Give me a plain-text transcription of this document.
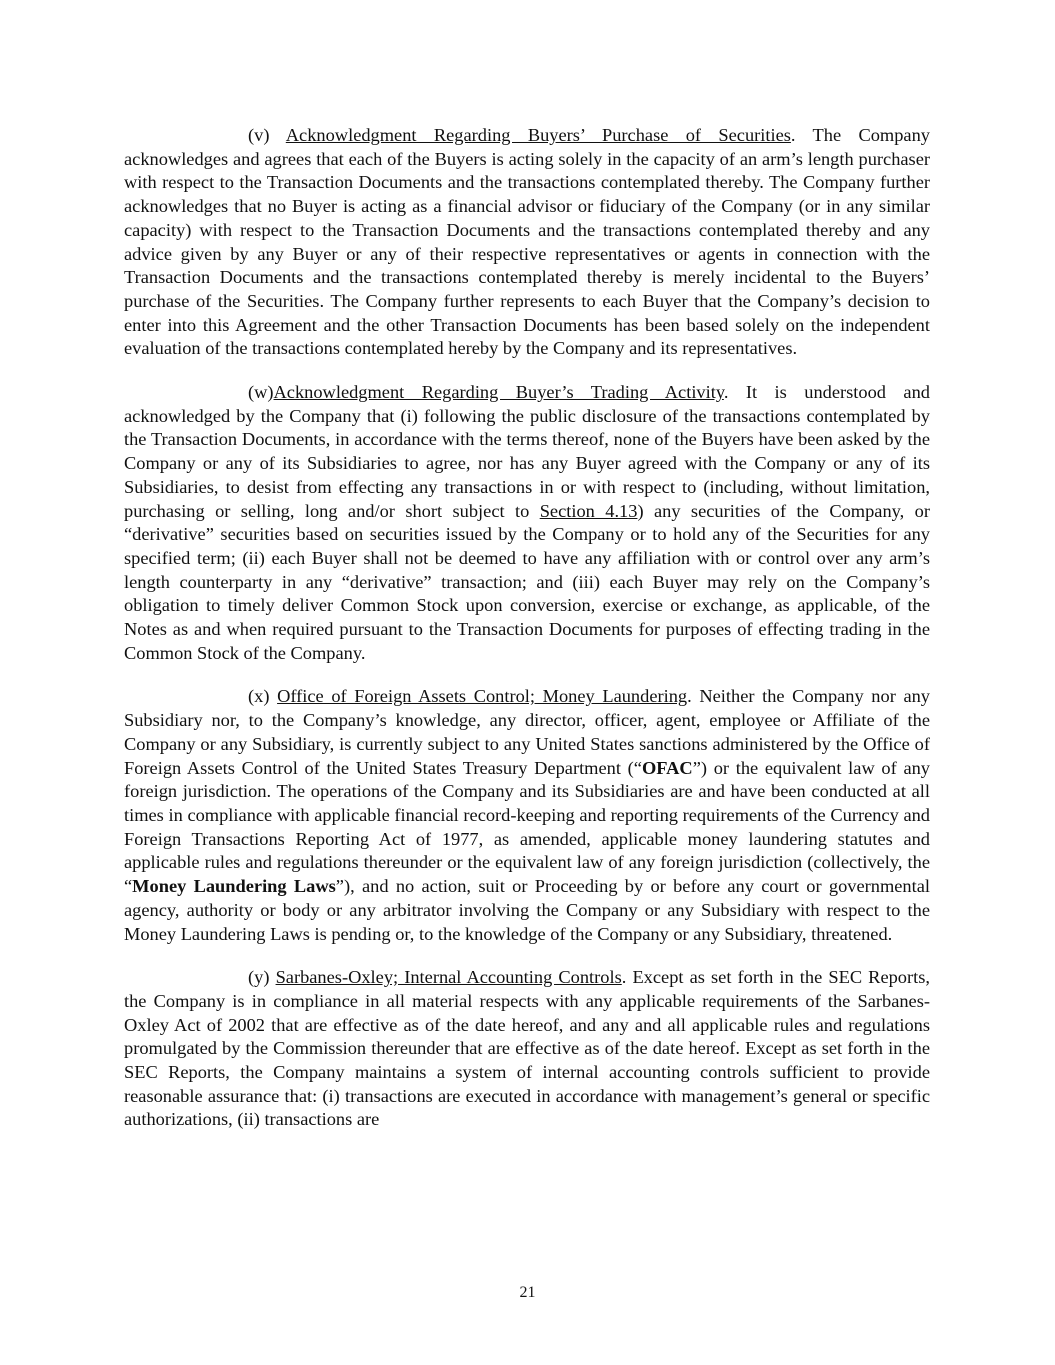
(v) Acknowledgment Regarding Buyers’ Purchase of Securities. The Company acknowledges and agrees that each of the Buyers is acting solely in the capacity of an arm’s length purchaser with respect to the Transaction Documents and the transactions contemplated thereby. The Company further acknowledges that no Buyer is acting as a financial advisor or fiduciary of the Company (or in any similar capacity) with respect to the Transaction Documents and the transactions contemplated thereby and any advice given by any Buyer or any of their respective representatives or agents in connection with the Transaction Documents and the transactions contemplated thereby is merely incidental to the Buyers’ purchase of the Securities. The Company further represents to each Buyer that the Company’s decision to enter into this Agreement and the other Transaction Documents has been based solely on the independent evaluation of the transactions contemplated hereby by the Company and its representatives.

(w)Acknowledgment Regarding Buyer’s Trading Activity. It is understood and acknowledged by the Company that (i) following the public disclosure of the transactions contemplated by the Transaction Documents, in accordance with the terms thereof, none of the Buyers have been asked by the Company or any of its Subsidiaries to agree, nor has any Buyer agreed with the Company or any of its Subsidiaries, to desist from effecting any transactions in or with respect to (including, without limitation, purchasing or selling, long and/or short subject to Section 4.13) any securities of the Company, or “derivative” securities based on securities issued by the Company or to hold any of the Securities for any specified term; (ii) each Buyer shall not be deemed to have any affiliation with or control over any arm’s length counterparty in any “derivative” transaction; and (iii) each Buyer may rely on the Company’s obligation to timely deliver Common Stock upon conversion, exercise or exchange, as applicable, of the Notes as and when required pursuant to the Transaction Documents for purposes of effecting trading in the Common Stock of the Company.

(x) Office of Foreign Assets Control; Money Laundering. Neither the Company nor any Subsidiary nor, to the Company’s knowledge, any director, officer, agent, employee or Affiliate of the Company or any Subsidiary, is currently subject to any United States sanctions administered by the Office of Foreign Assets Control of the United States Treasury Department (“OFAC”) or the equivalent law of any foreign jurisdiction. The operations of the Company and its Subsidiaries are and have been conducted at all times in compliance with applicable financial record-keeping and reporting requirements of the Currency and Foreign Transactions Reporting Act of 1977, as amended, applicable money laundering statutes and applicable rules and regulations thereunder or the equivalent law of any foreign jurisdiction (collectively, the “Money Laundering Laws”), and no action, suit or Proceeding by or before any court or governmental agency, authority or body or any arbitrator involving the Company or any Subsidiary with respect to the Money Laundering Laws is pending or, to the knowledge of the Company or any Subsidiary, threatened.

(y) Sarbanes-Oxley; Internal Accounting Controls. Except as set forth in the SEC Reports, the Company is in compliance in all material respects with any applicable requirements of the Sarbanes-Oxley Act of 2002 that are effective as of the date hereof, and any and all applicable rules and regulations promulgated by the Commission thereunder that are effective as of the date hereof. Except as set forth in the SEC Reports, the Company maintains a system of internal accounting controls sufficient to provide reasonable assurance that: (i) transactions are executed in accordance with management’s general or specific authorizations, (ii) transactions are

21
